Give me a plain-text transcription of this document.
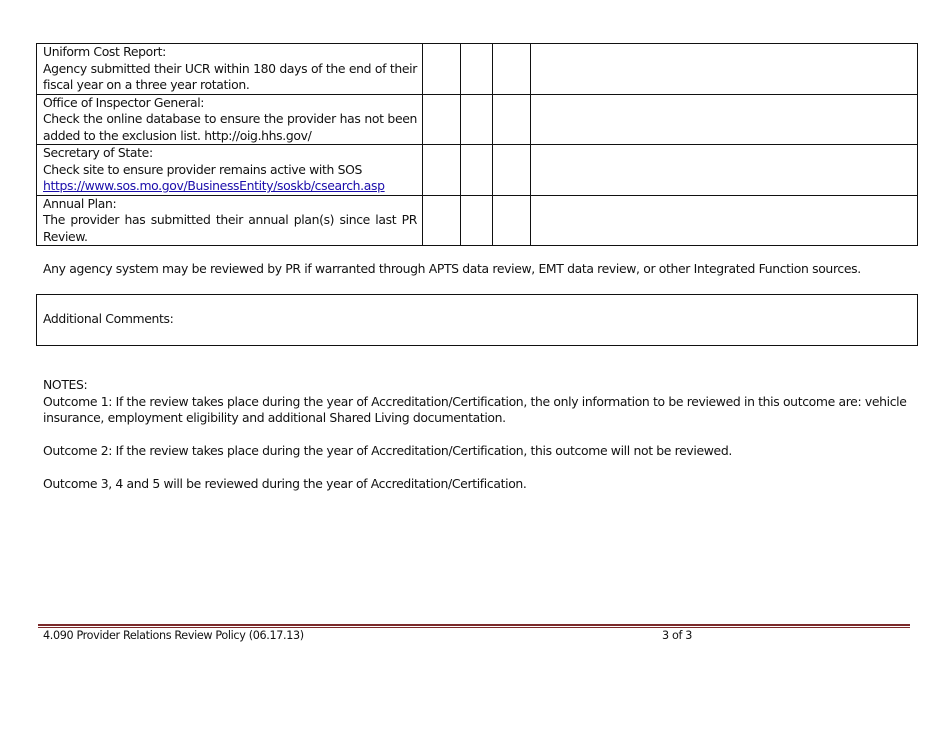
Uniform Cost Report:
Agency submitted their UCR within 180 days of the end of their fiscal year on a three year rotation.				

Office of Inspector General:
Check the online database to ensure the provider has not been added to the exclusion list. http://oig.hhs.gov/				

Secretary of State:
Check site to ensure provider remains active with SOS
https://www.sos.mo.gov/BusinessEntity/soskb/csearch.asp				

Annual Plan:
The provider has submitted their annual plan(s) since last PR Review.				

Any agency system may be reviewed by PR if warranted through APTS data review, EMT data review, or other Integrated Function sources.

Additional Comments:

NOTES:

Outcome 1: If the review takes place during the year of Accreditation/Certification, the only information to be reviewed in this outcome are: vehicle insurance, employment eligibility and additional Shared Living documentation.

Outcome 2: If the review takes place during the year of Accreditation/Certification, this outcome will not be reviewed.

Outcome 3, 4 and 5 will be reviewed during the year of Accreditation/Certification.

4.090 Provider Relations Review Policy (06.17.13)	3 of 3
